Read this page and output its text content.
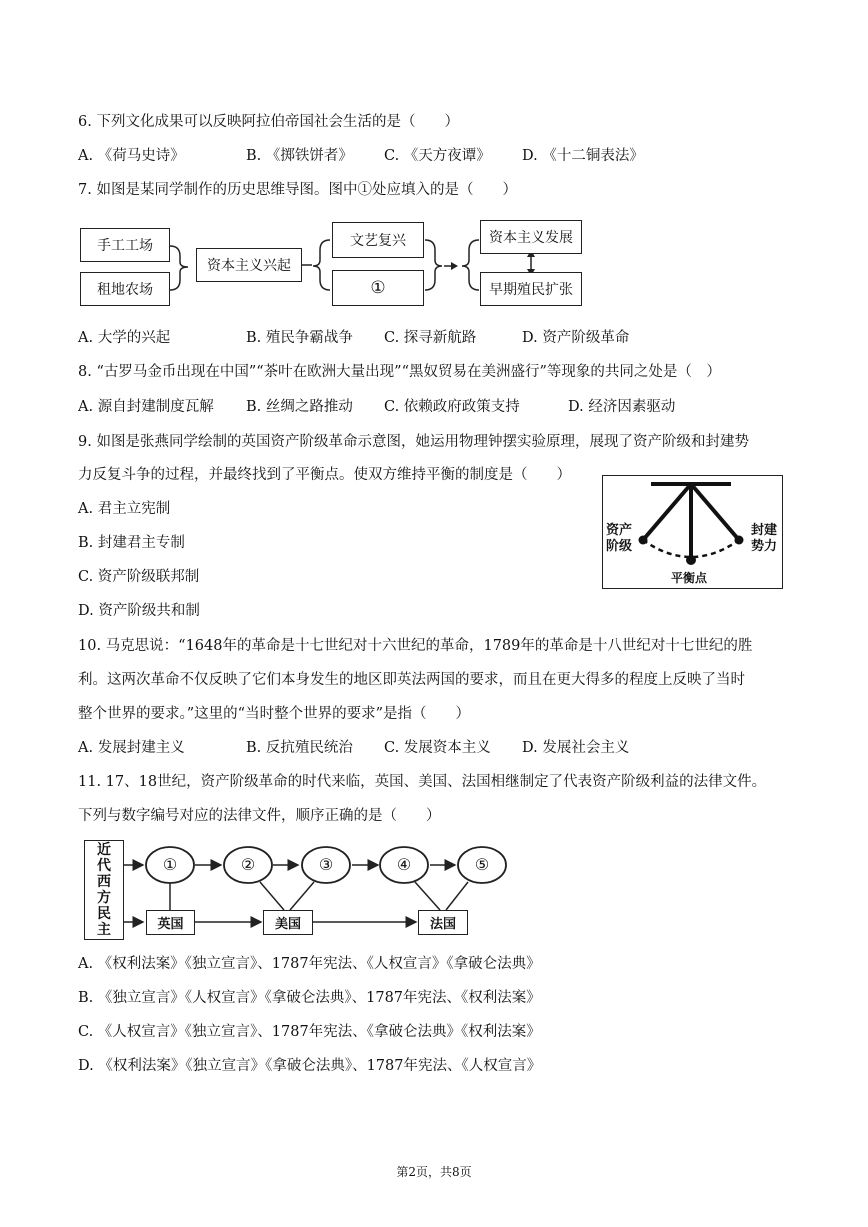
6. 下列文化成果可以反映阿拉伯帝国社会生活的是（　　）
A. 《荷马史诗》	B. 《掷铁饼者》 C. 《天方夜谭》 D. 《十二铜表法》
7. 如图是某同学制作的历史思维导图。图中①处应填入的是（　　）
手工工场
租地农场
资本主义兴起
文艺复兴
①
资本主义发展
早期殖民扩张
A. 大学的兴起	B. 殖民争霸战争 C. 探寻新航路	D. 资产阶级革命
8. “古罗马金币出现在中国”“茶叶在欧洲大量出现”“黑奴贸易在美洲盛行”等现象的共同之处是（　）
A. 源自封建制度瓦解 B. 丝绸之路推动 C. 依赖政府政策支持	D. 经济因素驱动
9. 如图是张燕同学绘制的英国资产阶级革命示意图，她运用物理钟摆实验原理，展现了资产阶级和封建势
力反复斗争的过程，并最终找到了平衡点。使双方维持平衡的制度是（　　）
资产
阶级
封建
势力
平衡点
A. 君主立宪制
B. 封建君主专制
C. 资产阶级联邦制
D. 资产阶级共和制
10. 马克思说：“1648年的革命是十七世纪对十六世纪的革命，1789年的革命是十八世纪对十七世纪的胜
利。这两次革命不仅反映了它们本身发生的地区即英法两国的要求，而且在更大得多的程度上反映了当时
整个世界的要求。”这里的“当时整个世界的要求”是指（　　）
A. 发展封建主义	B. 反抗殖民统治 C. 发展资本主义 D. 发展社会主义
11. 17、18世纪，资产阶级革命的时代来临，英国、美国、法国相继制定了代表资产阶级利益的法律文件。
下列与数字编号对应的法律文件，顺序正确的是（　　）
近
代
西
方
民
主
①	②	③	④	⑤
英国	美国	法国
A. 《权利法案》《独立宣言》、1787年宪法、《人权宣言》《拿破仑法典》
B. 《独立宣言》《人权宣言》《拿破仑法典》、1787年宪法、《权利法案》
C. 《人权宣言》《独立宣言》、1787年宪法、《拿破仑法典》《权利法案》
D. 《权利法案》《独立宣言》《拿破仑法典》、1787年宪法、《人权宣言》
第2页，共8页
